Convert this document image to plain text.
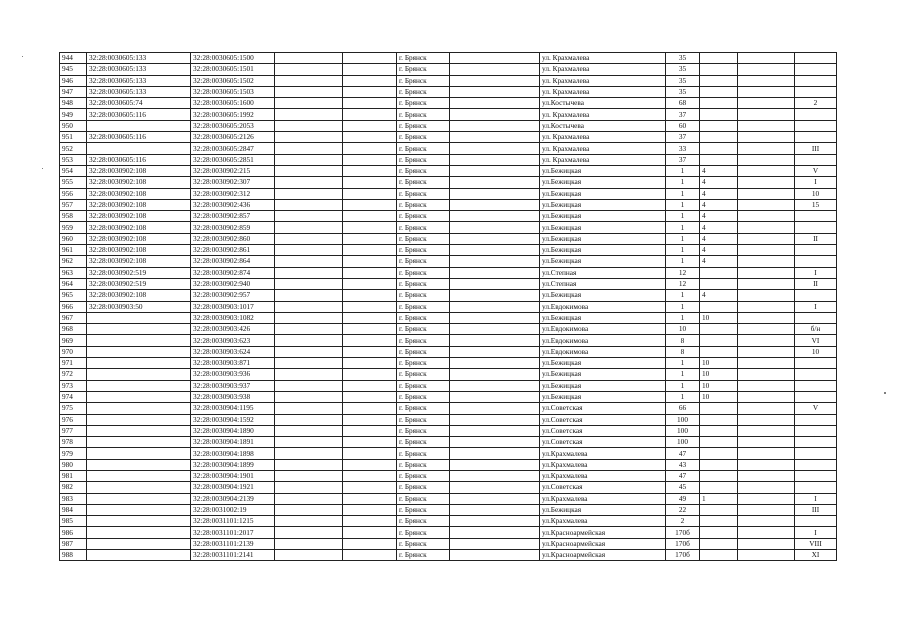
944	32:28:0030605:133	32:28:0030605:1500			г. Брянск		ул. Крахмалева	35			
945	32:28:0030605:133	32:28:0030605:1501			г. Брянск		ул. Крахмалева	35			
946	32:28:0030605:133	32:28:0030605:1502			г. Брянск		ул. Крахмалева	35			
947	32:28:0030605:133	32:28:0030605:1503			г. Брянск		ул. Крахмалева	35			
948	32:28:0030605:74	32:28:0030605:1600			г. Брянск		ул.Костычева	68			2
949	32:28:0030605:116	32:28:0030605:1992			г. Брянск		ул. Крахмалева	37			
950		32:28:0030605:2053			г. Брянск		ул.Костычева	60			
951	32:28:0030605:116	32:28:0030605:2126			г. Брянск		ул. Крахмалева	37			
952		32:28:0030605:2847			г. Брянск		ул. Крахмалева	33			III
953	32:28:0030605:116	32:28:0030605:2851			г. Брянск		ул. Крахмалева	37			
954	32:28:0030902:108	32:28:0030902:215			г. Брянск		ул.Бежицкая	1	4		V
955	32:28:0030902:108	32:28:0030902:307			г. Брянск		ул.Бежицкая	1	4		I
956	32:28:0030902:108	32:28:0030902:312			г. Брянск		ул.Бежицкая	1	4		10
957	32:28:0030902:108	32:28:0030902:436			г. Брянск		ул.Бежицкая	1	4		15
958	32:28:0030902:108	32:28:0030902:857			г. Брянск		ул.Бежицкая	1	4		
959	32:28:0030902:108	32:28:0030902:859			г. Брянск		ул.Бежицкая	1	4		
960	32:28:0030902:108	32:28:0030902:860			г. Брянск		ул.Бежицкая	1	4		II
961	32:28:0030902:108	32:28:0030902:861			г. Брянск		ул.Бежицкая	1	4		
962	32:28:0030902:108	32:28:0030902:864			г. Брянск		ул.Бежицкая	1	4		
963	32:28:0030902:519	32:28:0030902:874			г. Брянск		ул.Степная	12			I
964	32:28:0030902:519	32:28:0030902:940			г. Брянск		ул.Степная	12			II
965	32:28:0030902:108	32:28:0030902:957			г. Брянск		ул.Бежицкая	1	4		
966	32:28:0030903:50	32:28:0030903:1017			г. Брянск		ул.Евдокимова	1			I
967		32:28:0030903:1082			г. Брянск		ул.Бежицкая	1	10		
968		32:28:0030903:426			г. Брянск		ул.Евдокимова	10			б/н
969		32:28:0030903:623			г. Брянск		ул.Евдокимова	8			VI
970		32:28:0030903:624			г. Брянск		ул.Евдокимова	8			10
971		32:28:0030903:871			г. Брянск		ул.Бежицкая	1	10		
972		32:28:0030903:936			г. Брянск		ул.Бежицкая	1	10		
973		32:28:0030903:937			г. Брянск		ул.Бежицкая	1	10		
974		32:28:0030903:938			г. Брянск		ул.Бежицкая	1	10		
975		32:28:0030904:1195			г. Брянск		ул.Советская	66			V
976		32:28:0030904:1592			г. Брянск		ул.Советская	100			
977		32:28:0030904:1890			г. Брянск		ул.Советская	100			
978		32:28:0030904:1891			г. Брянск		ул.Советская	100			
979		32:28:0030904:1898			г. Брянск		ул.Крахмалева	47			
980		32:28:0030904:1899			г. Брянск		ул.Крахмалева	43			
981		32:28:0030904:1901			г. Брянск		ул.Крахмалева	47			
982		32:28:0030904:1921			г. Брянск		ул.Советская	45			
983		32:28:0030904:2139			г. Брянск		ул.Крахмалева	49	1		I
984		32:28:0031002:19			г. Брянск		ул.Бежицкая	22			III
985		32:28:0031101:1215			г. Брянск		ул.Крахмалева	2			
986		32:28:0031101:2017			г. Брянск		ул.Красноармейская	170б			I
987		32:28:0031101:2139			г. Брянск		ул.Красноармейская	170б			VIII
988		32:28:0031101:2141			г. Брянск		ул.Красноармейская	170б			XI
